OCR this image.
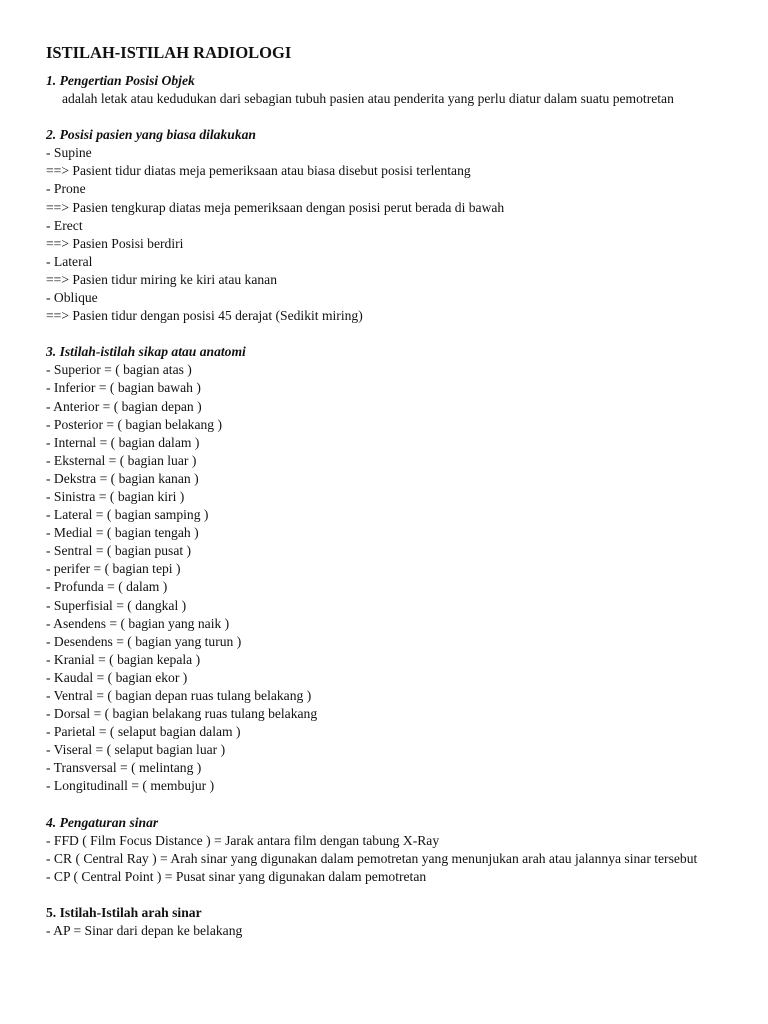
ISTILAH-ISTILAH RADIOLOGI
1. Pengertian Posisi Objek
adalah letak atau kedudukan dari sebagian tubuh pasien atau penderita yang perlu diatur dalam suatu pemotretan
2. Posisi pasien yang biasa dilakukan
- Supine
==> Pasient tidur diatas meja pemeriksaan atau biasa disebut posisi terlentang
- Prone
==> Pasien tengkurap diatas meja pemeriksaan dengan posisi perut berada di bawah
- Erect
==> Pasien Posisi berdiri
- Lateral
==> Pasien tidur miring ke kiri atau kanan
- Oblique
==> Pasien tidur dengan posisi 45 derajat (Sedikit miring)
3. Istilah-istilah sikap atau anatomi
- Superior = ( bagian atas )
- Inferior = ( bagian bawah )
- Anterior = ( bagian depan )
- Posterior = ( bagian belakang )
- Internal = ( bagian dalam )
- Eksternal = ( bagian luar )
- Dekstra = ( bagian kanan )
- Sinistra = ( bagian kiri )
- Lateral = ( bagian samping )
- Medial = ( bagian tengah )
- Sentral = ( bagian pusat )
- perifer = ( bagian tepi )
- Profunda = ( dalam )
- Superfisial = ( dangkal )
- Asendens = ( bagian yang naik )
- Desendens = ( bagian yang turun )
- Kranial = ( bagian kepala )
- Kaudal = ( bagian ekor )
- Ventral = ( bagian depan ruas tulang belakang )
- Dorsal = ( bagian belakang ruas tulang belakang
- Parietal = ( selaput bagian dalam )
- Viseral = ( selaput bagian luar )
- Transversal = ( melintang )
- Longitudinall = ( membujur )
4. Pengaturan sinar
- FFD ( Film Focus Distance ) = Jarak antara film dengan tabung X-Ray
- CR ( Central Ray ) = Arah sinar yang digunakan dalam pemotretan yang menunjukan arah atau jalannya sinar tersebut
- CP ( Central Point ) = Pusat sinar yang digunakan dalam pemotretan
5. Istilah-Istilah arah sinar
- AP = Sinar dari depan ke belakang
